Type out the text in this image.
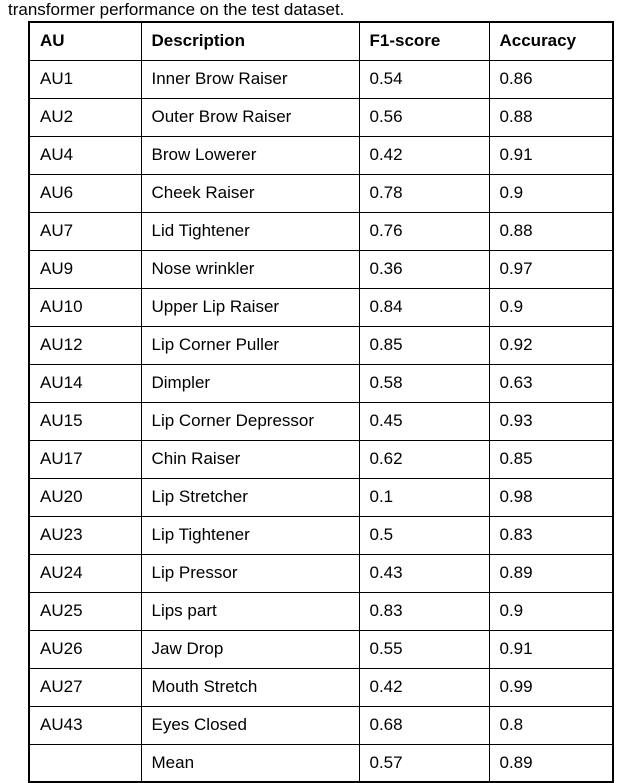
transformer performance on the test dataset.
AU	Description	F1-score	Accuracy
AU1	Inner Brow Raiser	0.54	0.86
AU2	Outer Brow Raiser	0.56	0.88
AU4	Brow Lowerer	0.42	0.91
AU6	Cheek Raiser	0.78	0.9
AU7	Lid Tightener	0.76	0.88
AU9	Nose wrinkler	0.36	0.97
AU10	Upper Lip Raiser	0.84	0.9
AU12	Lip Corner Puller	0.85	0.92
AU14	Dimpler	0.58	0.63
AU15	Lip Corner Depressor	0.45	0.93
AU17	Chin Raiser	0.62	0.85
AU20	Lip Stretcher	0.1	0.98
AU23	Lip Tightener	0.5	0.83
AU24	Lip Pressor	0.43	0.89
AU25	Lips part	0.83	0.9
AU26	Jaw Drop	0.55	0.91
AU27	Mouth Stretch	0.42	0.99
AU43	Eyes Closed	0.68	0.8
	Mean	0.57	0.89
